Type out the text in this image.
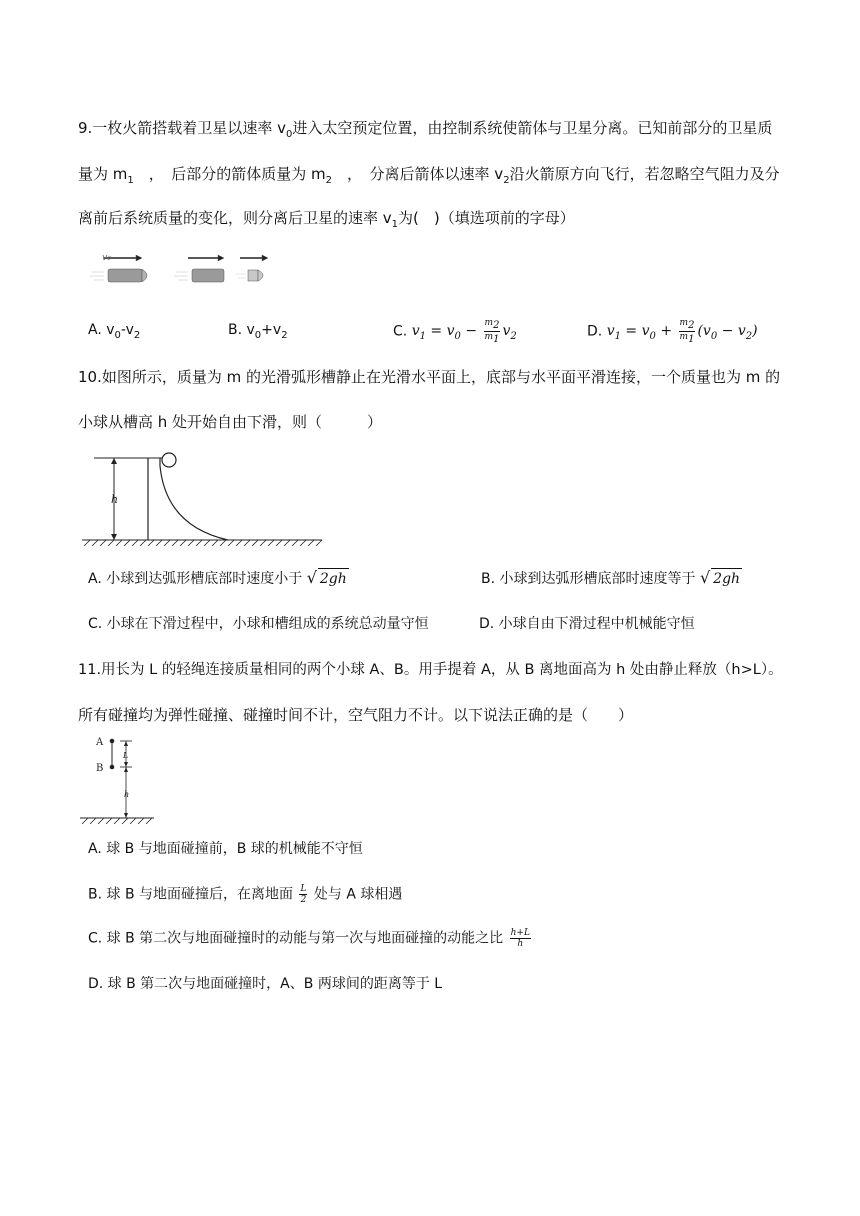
9.一枚火箭搭载着卫星以速率 $v_0$进入太空预定位置，由控制系统使箭体与卫星分离。已知前部分的卫星质
量为 $m_1$　，　后部分的箭体质量为 $m_2$　，　分离后箭体以速率 $v_2$沿火箭原方向飞行，若忽略空气阻力及分
离前后系统质量的变化，则分离后卫星的速率 $v_1$为(　)（填选项前的字母）
v₀
A. $v_0-v_2$	B. $v_0+v_2$	C. $v_1 = v_0 - \frac{m_2}{m_1} v_2$	D. $v_1 = v_0 + \frac{m_2}{m_1} (v_0 - v_2)$
10.如图所示，质量为 m 的光滑弧形槽静止在光滑水平面上，底部与水平面平滑连接，一个质量也为 m 的
小球从槽高 h 处开始自由下滑，则（　　　）
h
A. 小球到达弧形槽底部时速度小于 √ 2gh	B. 小球到达弧形槽底部时速度等于 √ 2gh
C. 小球在下滑过程中，小球和槽组成的系统总动量守恒	D. 小球自由下滑过程中机械能守恒
11.用长为 L 的轻绳连接质量相同的两个小球 A、B。用手提着 A，从 B 离地面高为 h 处由静止释放（h>L）。
所有碰撞均为弹性碰撞、碰撞时间不计，空气阻力不计。以下说法正确的是（　　）
A
B
L
h
A. 球 B 与地面碰撞前，B 球的机械能不守恒
B. 球 B 与地面碰撞后，在离地面 $\frac{L}{2}$ 处与 A 球相遇
C. 球 B 第二次与地面碰撞时的动能与第一次与地面碰撞的动能之比 $\frac{h+L}{h}$
D. 球 B 第二次与地面碰撞时，A、B 两球间的距离等于 L
